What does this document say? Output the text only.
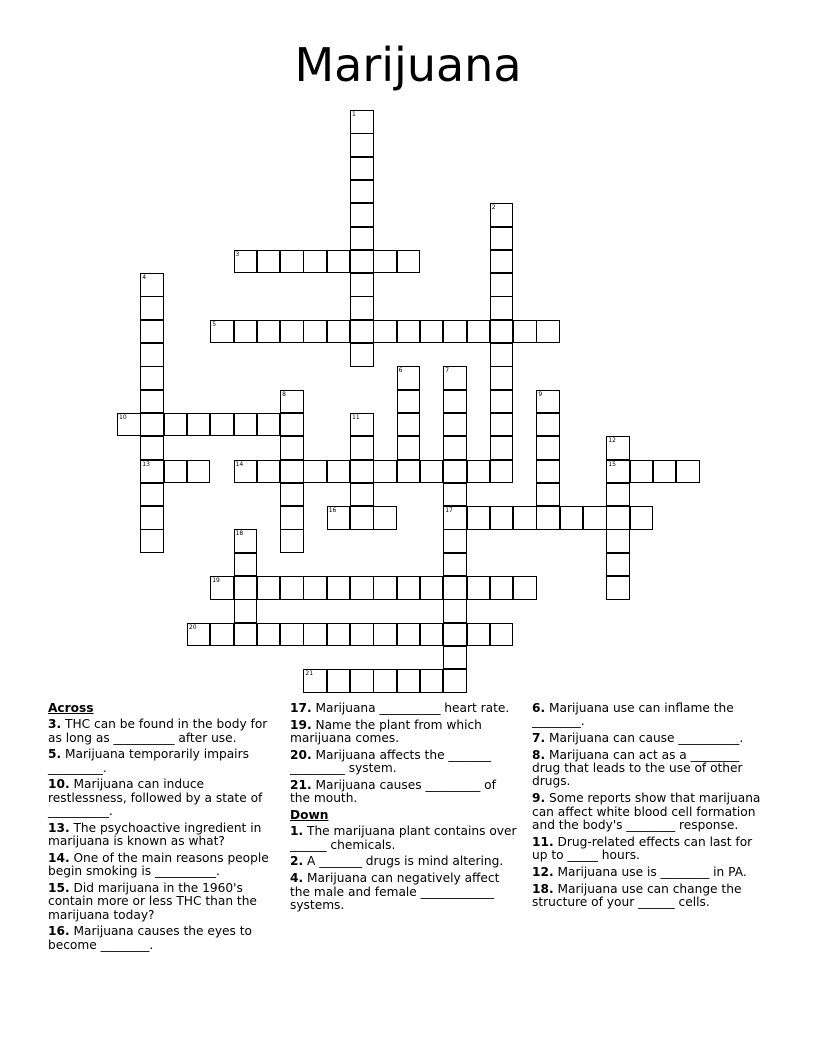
Marijuana
1
2
3
4
13
5
6	7
17
8	9
10	11
12
15
14
16
18
19
20
21
Across
3. THC can be found in the body for as long as __________ after use.
5. Marijuana temporarily impairs _________.
10. Marijuana can induce restlessness, followed by a state of __________.
13. The psychoactive ingredient in marijuana is known as what?
14. One of the main reasons people begin smoking is __________.
15. Did marijuana in the 1960's contain more or less THC than the marijuana today?
16. Marijuana causes the eyes to become ________.
17. Marijuana __________ heart rate.
19. Name the plant from which marijuana comes.
20. Marijuana affects the _______ _________ system.
21. Marijuana causes _________ of the mouth.
Down
1. The marijuana plant contains over ______ chemicals.
2. A _______ drugs is mind altering.
4. Marijuana can negatively affect the male and female ____________ systems.
6. Marijuana use can inflame the ________.
7. Marijuana can cause __________.
8. Marijuana can act as a ________ drug that leads to the use of other drugs.
9. Some reports show that marijuana can affect white blood cell formation and the body's ________ response.
11. Drug-related effects can last for up to _____ hours.
12. Marijuana use is ________ in PA.
18. Marijuana use can change the structure of your ______ cells.
